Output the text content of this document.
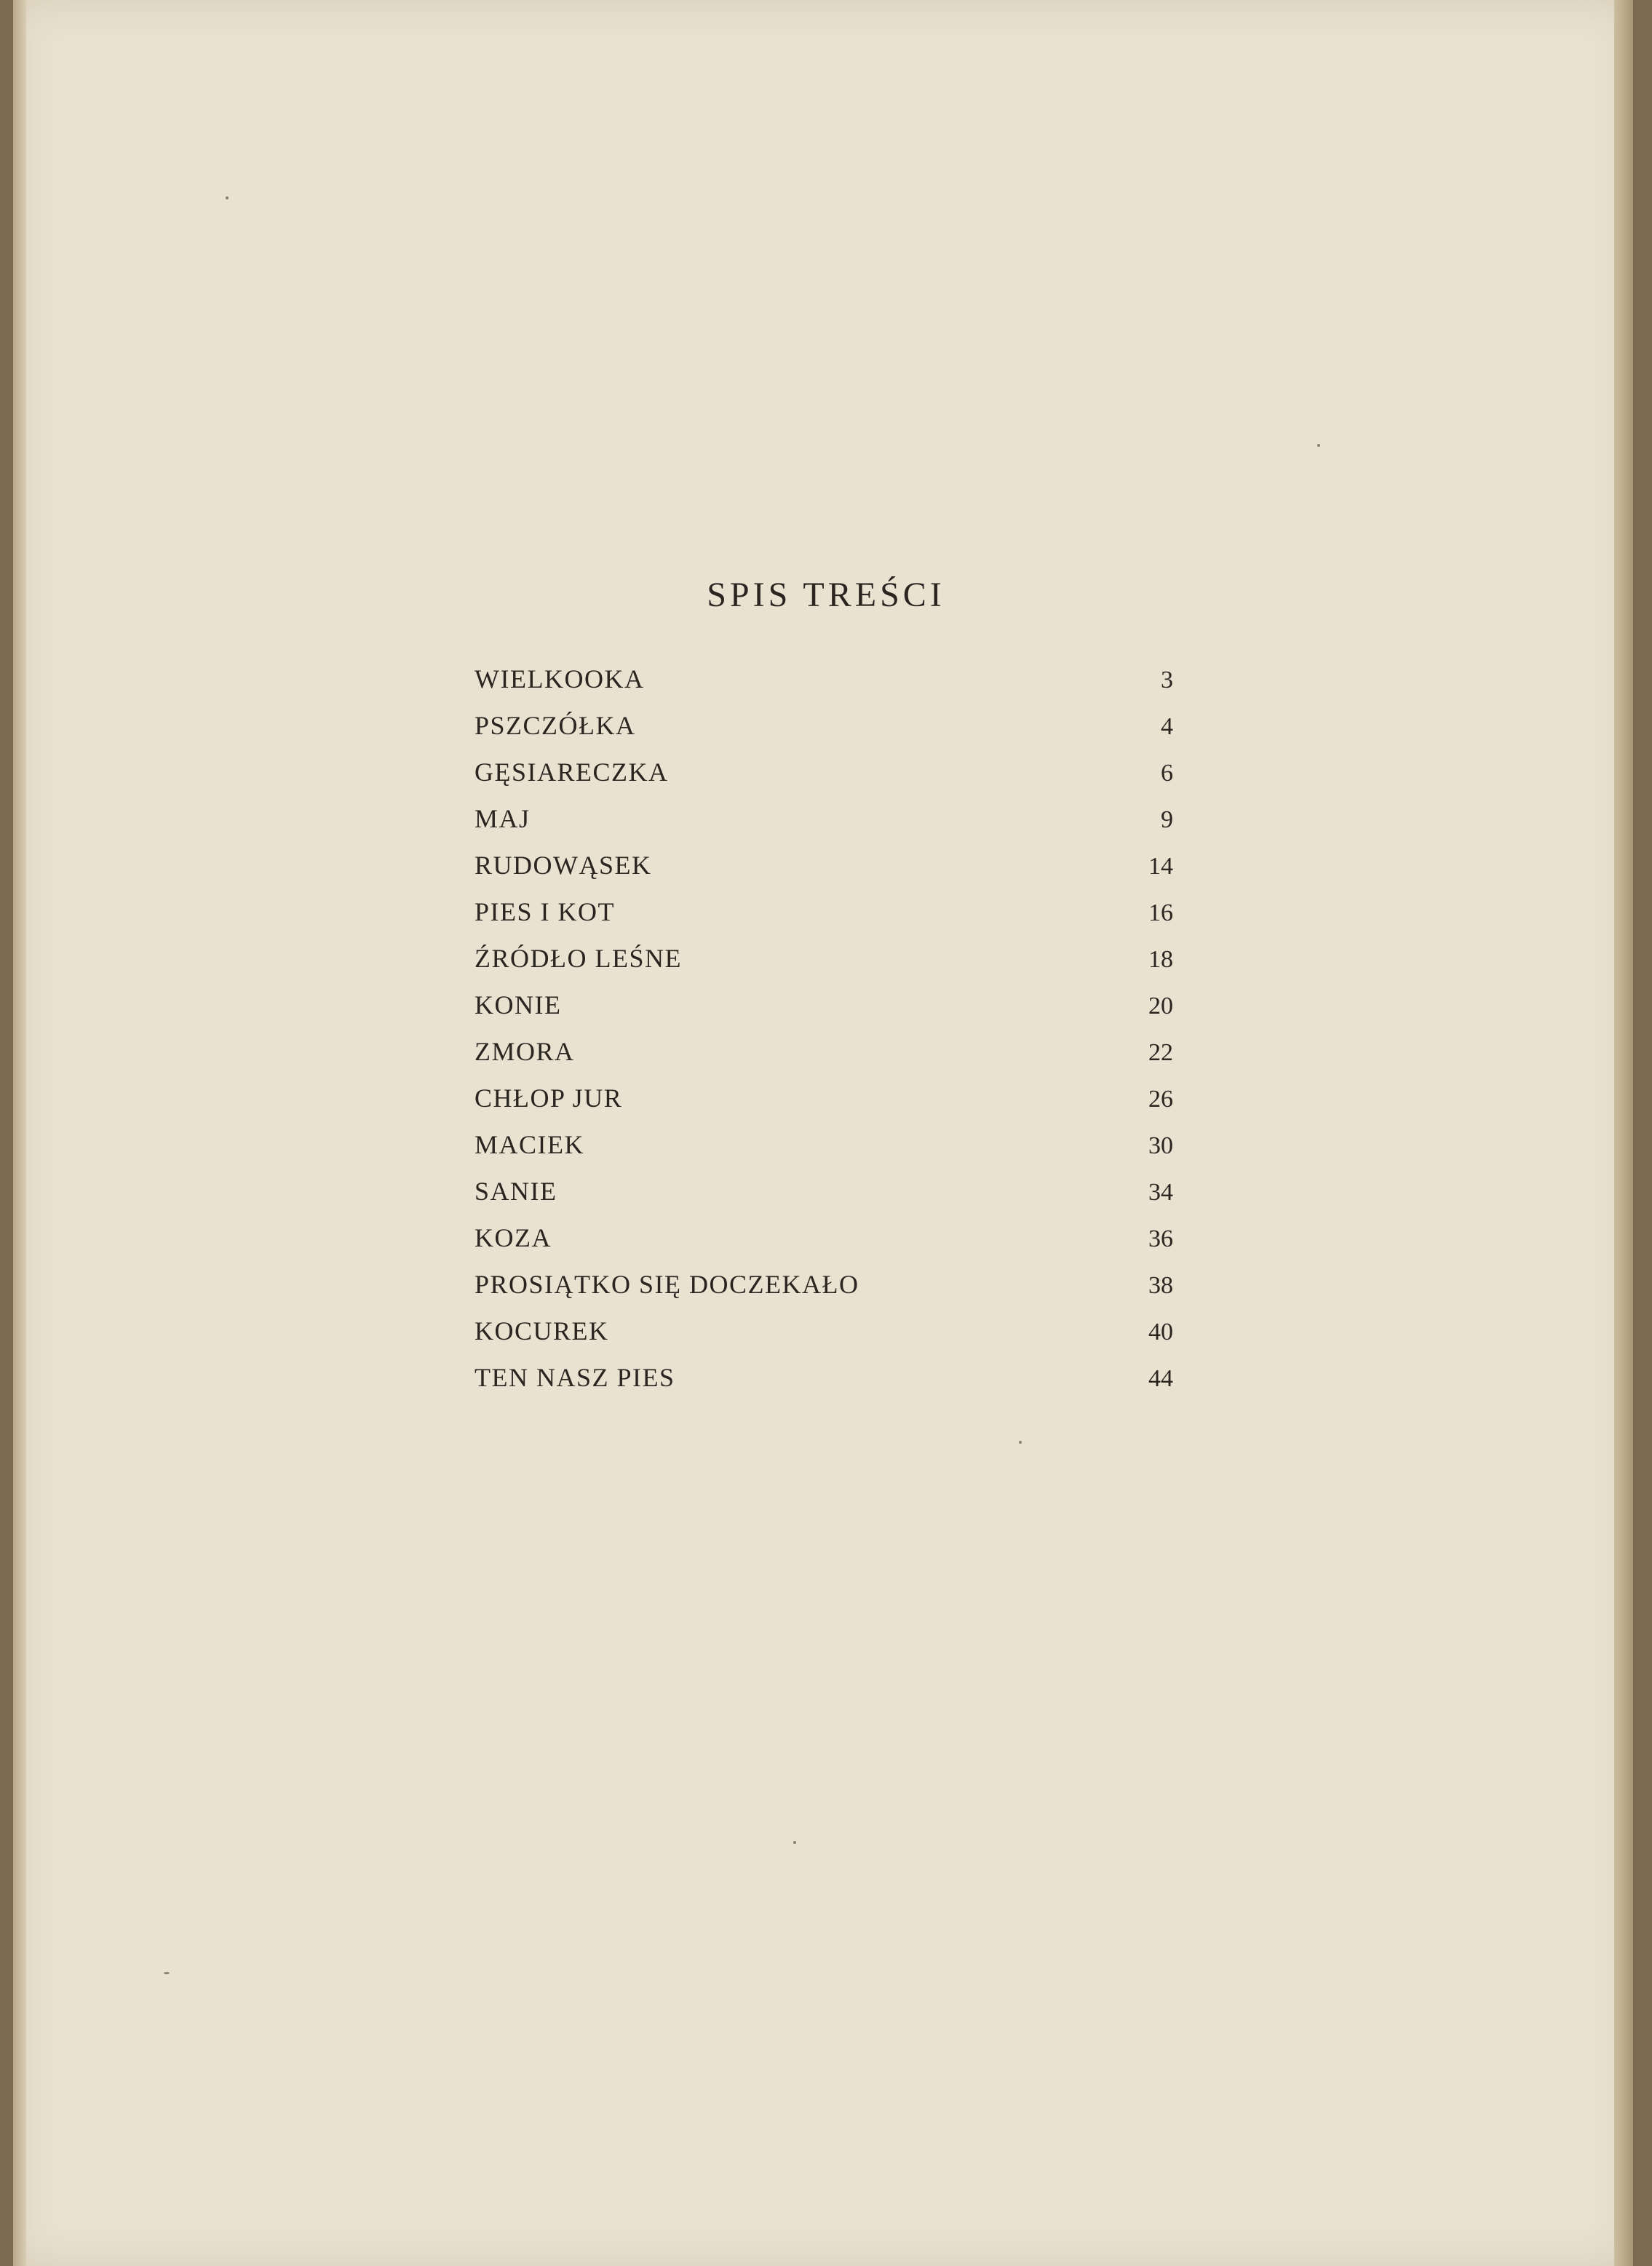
SPIS TREŚCI
WIELKOOKA	3
PSZCZÓŁKA	4
GĘSIARECZKA	6
MAJ	9
RUDOWĄSEK	14
PIES I KOT	16
ŹRÓDŁO LEŚNE	18
KONIE	20
ZMORA	22
CHŁOP JUR	26
MACIEK	30
SANIE	34
KOZA	36
PROSIĄTKO SIĘ DOCZEKAŁO	38
KOCUREK	40
TEN NASZ PIES	44
